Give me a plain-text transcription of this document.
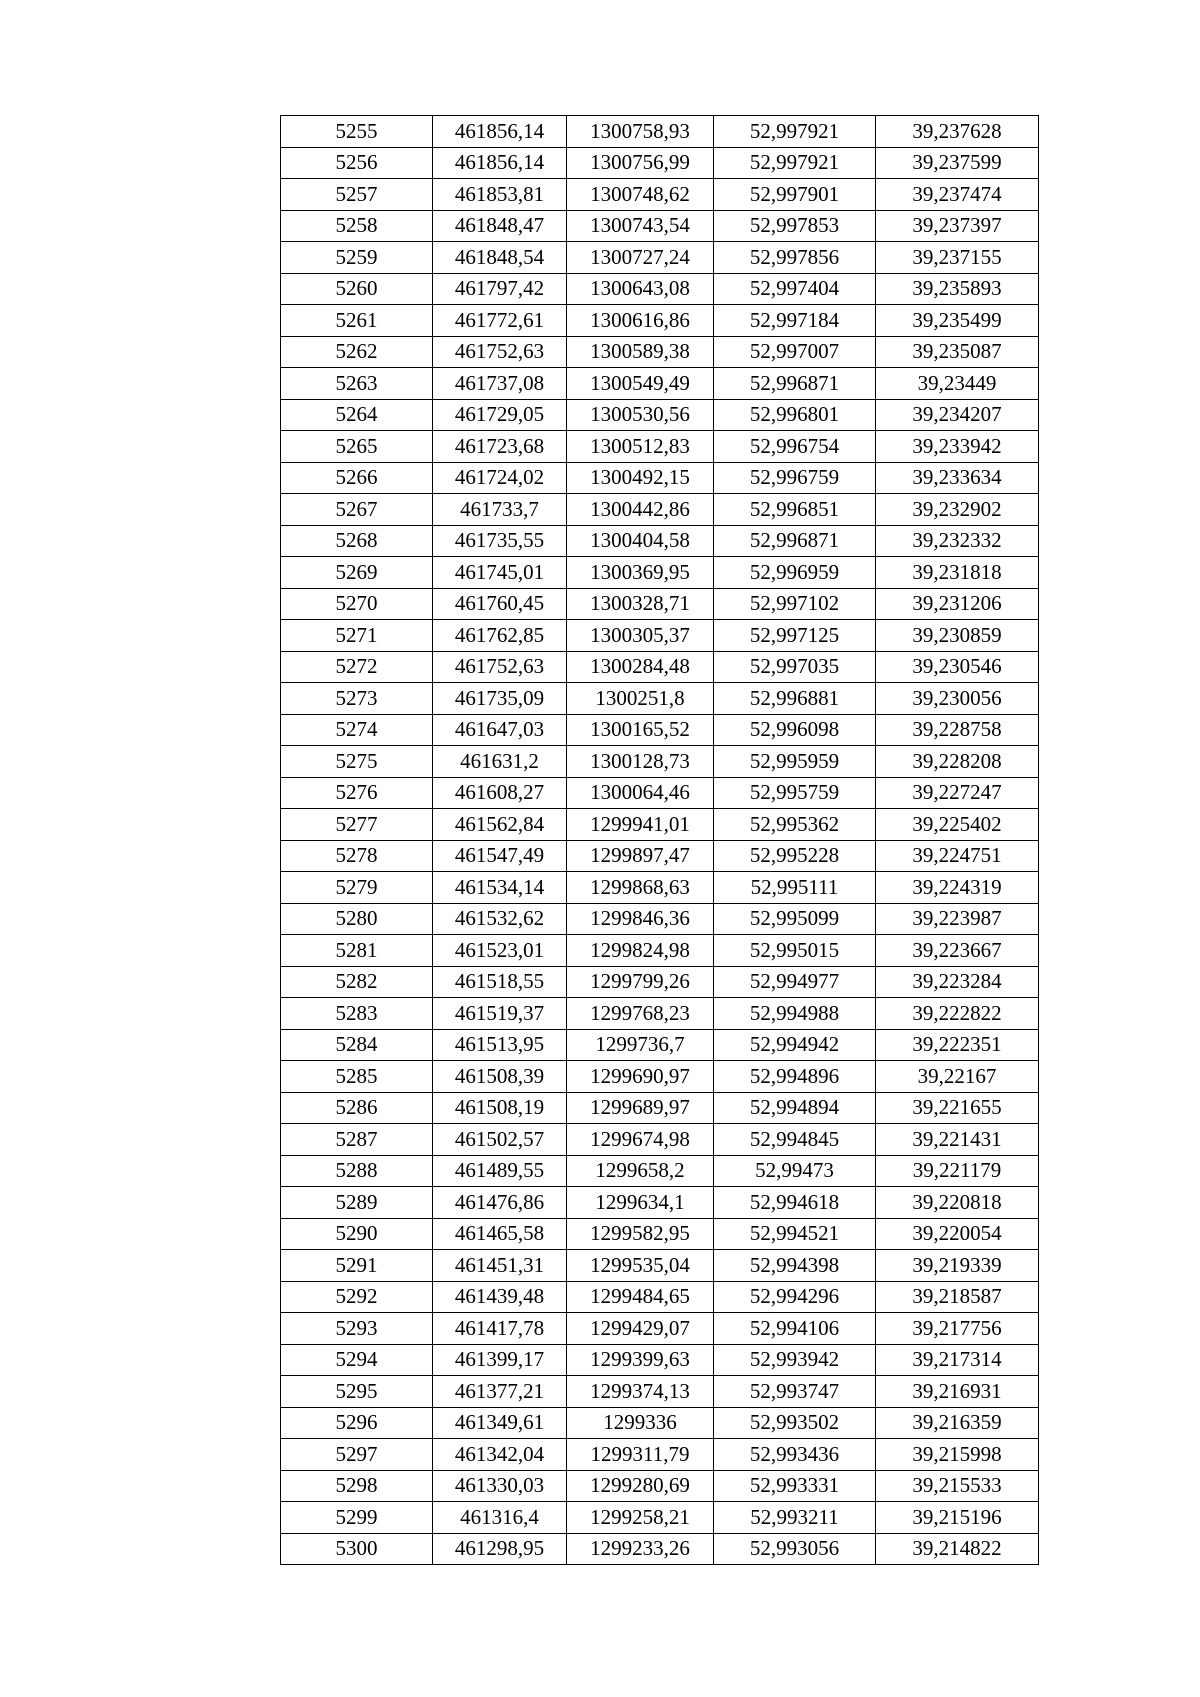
5255	461856,14	1300758,93	52,997921	39,237628
5256	461856,14	1300756,99	52,997921	39,237599
5257	461853,81	1300748,62	52,997901	39,237474
5258	461848,47	1300743,54	52,997853	39,237397
5259	461848,54	1300727,24	52,997856	39,237155
5260	461797,42	1300643,08	52,997404	39,235893
5261	461772,61	1300616,86	52,997184	39,235499
5262	461752,63	1300589,38	52,997007	39,235087
5263	461737,08	1300549,49	52,996871	39,23449
5264	461729,05	1300530,56	52,996801	39,234207
5265	461723,68	1300512,83	52,996754	39,233942
5266	461724,02	1300492,15	52,996759	39,233634
5267	461733,7	1300442,86	52,996851	39,232902
5268	461735,55	1300404,58	52,996871	39,232332
5269	461745,01	1300369,95	52,996959	39,231818
5270	461760,45	1300328,71	52,997102	39,231206
5271	461762,85	1300305,37	52,997125	39,230859
5272	461752,63	1300284,48	52,997035	39,230546
5273	461735,09	1300251,8	52,996881	39,230056
5274	461647,03	1300165,52	52,996098	39,228758
5275	461631,2	1300128,73	52,995959	39,228208
5276	461608,27	1300064,46	52,995759	39,227247
5277	461562,84	1299941,01	52,995362	39,225402
5278	461547,49	1299897,47	52,995228	39,224751
5279	461534,14	1299868,63	52,995111	39,224319
5280	461532,62	1299846,36	52,995099	39,223987
5281	461523,01	1299824,98	52,995015	39,223667
5282	461518,55	1299799,26	52,994977	39,223284
5283	461519,37	1299768,23	52,994988	39,222822
5284	461513,95	1299736,7	52,994942	39,222351
5285	461508,39	1299690,97	52,994896	39,22167
5286	461508,19	1299689,97	52,994894	39,221655
5287	461502,57	1299674,98	52,994845	39,221431
5288	461489,55	1299658,2	52,99473	39,221179
5289	461476,86	1299634,1	52,994618	39,220818
5290	461465,58	1299582,95	52,994521	39,220054
5291	461451,31	1299535,04	52,994398	39,219339
5292	461439,48	1299484,65	52,994296	39,218587
5293	461417,78	1299429,07	52,994106	39,217756
5294	461399,17	1299399,63	52,993942	39,217314
5295	461377,21	1299374,13	52,993747	39,216931
5296	461349,61	1299336	52,993502	39,216359
5297	461342,04	1299311,79	52,993436	39,215998
5298	461330,03	1299280,69	52,993331	39,215533
5299	461316,4	1299258,21	52,993211	39,215196
5300	461298,95	1299233,26	52,993056	39,214822
